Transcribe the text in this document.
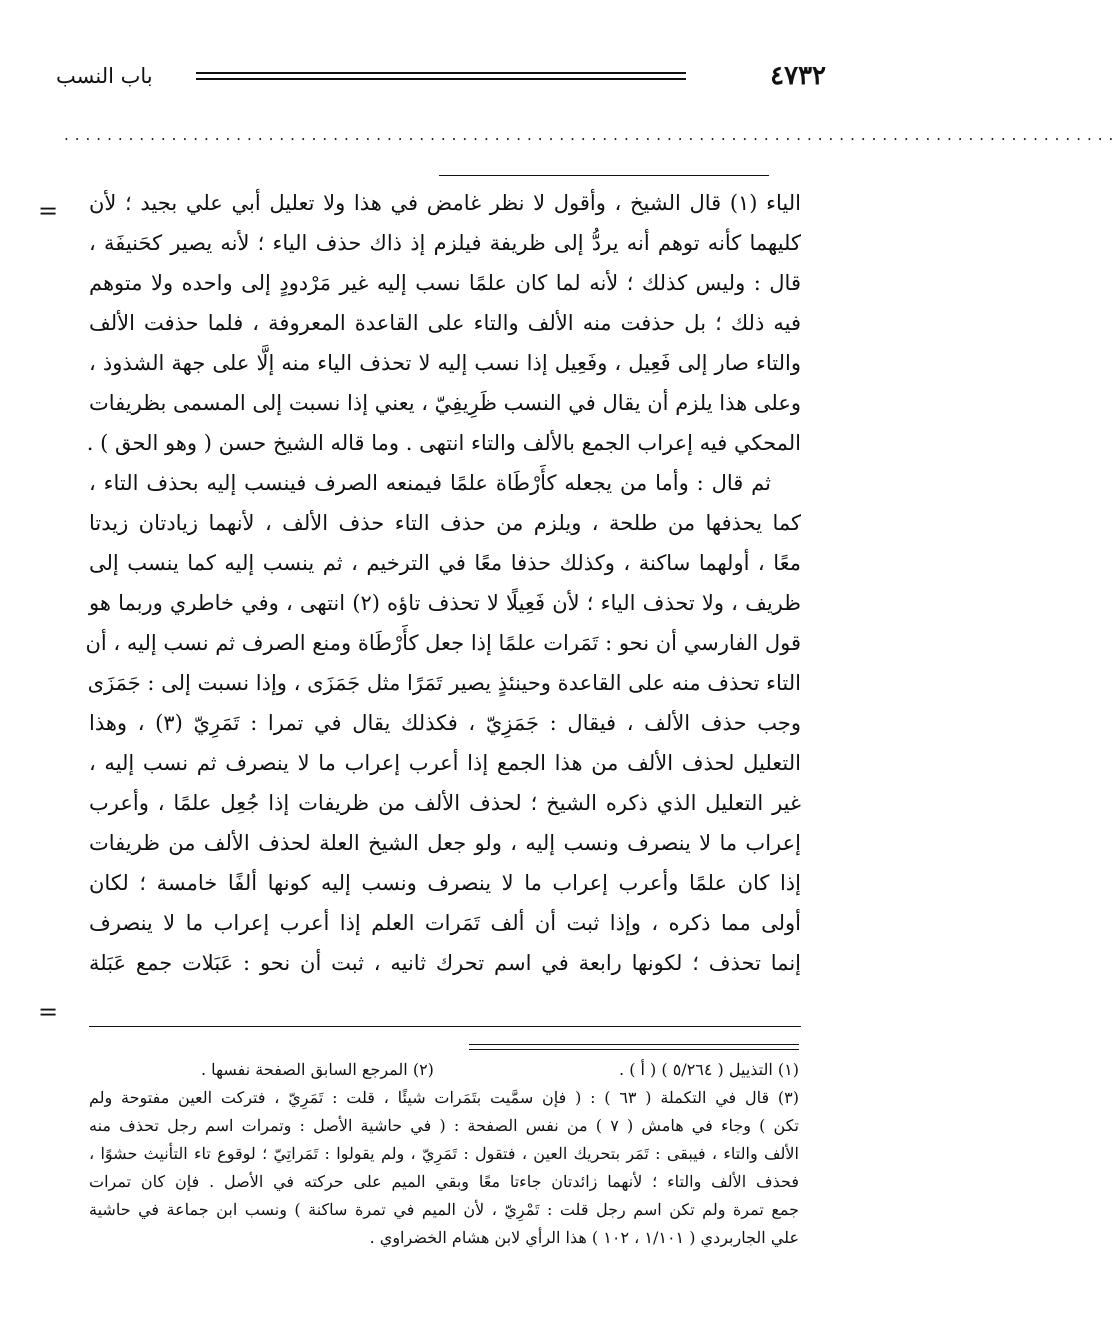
٤٧٣٢
باب النسب
..................................................................................................
=
=
الياء (١) قال الشيخ ، وأقول لا نظر غامض في هذا ولا تعليل أبي علي بجيد ؛ لأن
كليهما كأنه توهم أنه يردُّ إلى ظريفة فيلزم إذ ذاك حذف الياء ؛ لأنه يصير كحَنيفَة ،
قال : وليس كذلك ؛ لأنه لما كان علمًا نسب إليه غير مَرْدودٍ إلى واحده ولا متوهم
فيه ذلك ؛ بل حذفت منه الألف والتاء على القاعدة المعروفة ، فلما حذفت الألف
والتاء صار إلى فَعِيل ، وفَعِيل إذا نسب إليه لا تحذف الياء منه إلَّا على جهة الشذوذ ،
وعلى هذا يلزم أن يقال في النسب ظَرِيفِيّ ، يعني إذا نسبت إلى المسمى بظريفات
المحكي فيه إعراب الجمع بالألف والتاء انتهى . وما قاله الشيخ حسن ( وهو الحق ) .
ثم قال : وأما من يجعله كأَرْطَاة علمًا فيمنعه الصرف فينسب إليه بحذف التاء ،
كما يحذفها من طلحة ، ويلزم من حذف التاء حذف الألف ، لأنهما زيادتان زيدتا
معًا ، أولهما ساكنة ، وكذلك حذفا معًا في الترخيم ، ثم ينسب إليه كما ينسب إلى
ظريف ، ولا تحذف الياء ؛ لأن فَعِيلًا لا تحذف تاؤه (٢) انتهى ، وفي خاطري وربما هو
قول الفارسي أن نحو : تَمَرات علمًا إذا جعل كأَرْطَاة ومنع الصرف ثم نسب إليه ، أن
التاء تحذف منه على القاعدة وحينئذٍ يصير تَمَرًا مثل جَمَزَى ، وإذا نسبت إلى : جَمَزَى
وجب حذف الألف ، فيقال : جَمَزِيّ ، فكذلك يقال في تمرا : تَمَرِيّ (٣) ، وهذا
التعليل لحذف الألف من هذا الجمع إذا أعرب إعراب ما لا ينصرف ثم نسب إليه ،
غير التعليل الذي ذكره الشيخ ؛ لحذف الألف من ظريفات إذا جُعِل علمًا ، وأعرب
إعراب ما لا ينصرف ونسب إليه ، ولو جعل الشيخ العلة لحذف الألف من ظريفات
إذا كان علمًا وأعرب إعراب ما لا ينصرف ونسب إليه كونها ألفًا خامسة ؛ لكان
أولى مما ذكره ، وإذا ثبت أن ألف تَمَرات العلم إذا أعرب إعراب ما لا ينصرف
إنما تحذف ؛ لكونها رابعة في اسم تحرك ثانيه ، ثبت أن نحو : عَبَلات جمع عَبَلة
(١) التذييل ( ٥/٢٦٤ ) ( أ ) . (٢) المرجع السابق الصفحة نفسها .
(٣) قال في التكملة ( ٦٣ ) : ( فإن سمَّيت بتَمَرات شيئًا ، قلت : تَمَرِيّ ، فتركت العين مفتوحة ولم
تكن ) وجاء في هامش ( ٧ ) من نفس الصفحة : ( في حاشية الأصل : وتمرات اسم رجل تحذف منه
الألف والتاء ، فيبقى : تَمَر بتحريك العين ، فتقول : تَمَرِيّ ، ولم يقولوا : تَمَراتِيّ ؛ لوقوع تاء التأنيث حشوًا ،
فحذف الألف والتاء ؛ لأنهما زائدتان جاءتا معًا وبقي الميم على حركته في الأصل . فإن كان تمرات
جمع تمرة ولم تكن اسم رجل قلت : تَمْرِيّ ، لأن الميم في تمرة ساكنة ) ونسب ابن جماعة في حاشية
علي الجاربردي ( ١/١٠١ ، ١٠٢ ) هذا الرأي لابن هشام الخضراوي .
